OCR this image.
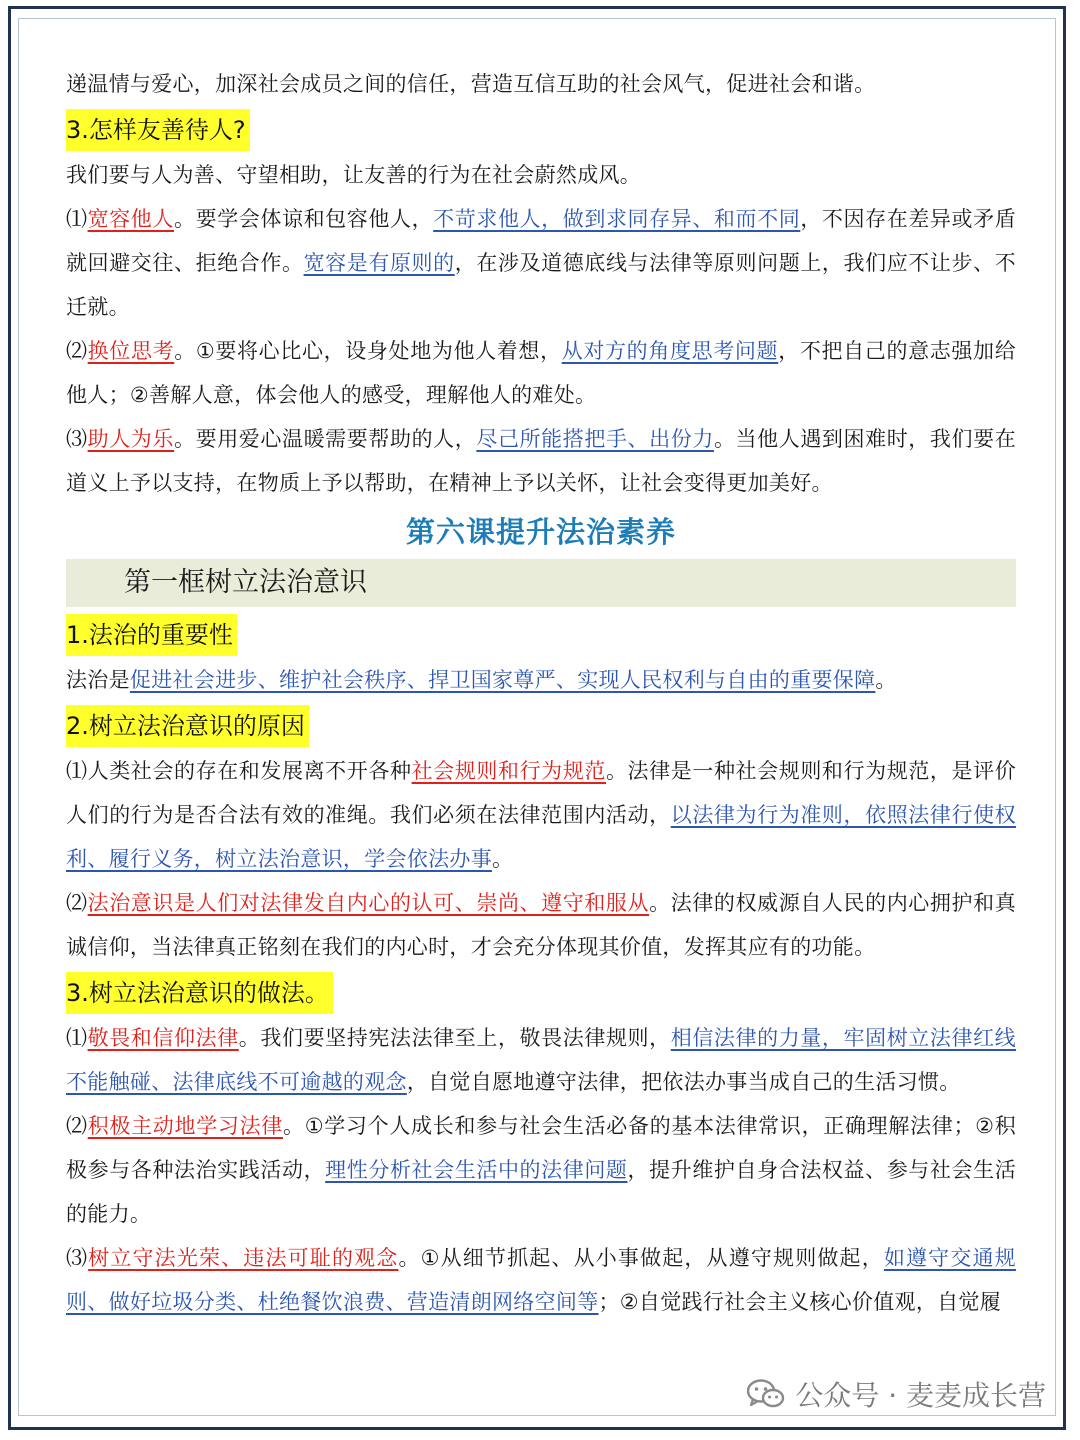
递温情与爱心，加深社会成员之间的信任，营造互信互助的社会风气，促进社会和谐。

3.怎样友善待人?

我们要与人为善、守望相助，让友善的行为在社会蔚然成风。

⑴宽容他人。要学会体谅和包容他人，不苛求他人，做到求同存异、和而不同，不因存在差异或矛盾就回避交往、拒绝合作。宽容是有原则的，在涉及道德底线与法律等原则问题上，我们应不让步、不迁就。

⑵换位思考。①要将心比心，设身处地为他人着想，从对方的角度思考问题，不把自己的意志强加给他人；②善解人意，体会他人的感受，理解他人的难处。

⑶助人为乐。要用爱心温暖需要帮助的人，尽己所能搭把手、出份力。当他人遇到困难时，我们要在道义上予以支持，在物质上予以帮助，在精神上予以关怀，让社会变得更加美好。

第六课提升法治素养
第一框树立法治意识
1.法治的重要性

法治是促进社会进步、维护社会秩序、捍卫国家尊严、实现人民权利与自由的重要保障。

2.树立法治意识的原因

⑴人类社会的存在和发展离不开各种社会规则和行为规范。法律是一种社会规则和行为规范，是评价人们的行为是否合法有效的准绳。我们必须在法律范围内活动，以法律为行为准则，依照法律行使权利、履行义务，树立法治意识，学会依法办事。

⑵法治意识是人们对法律发自内心的认可、崇尚、遵守和服从。法律的权威源自人民的内心拥护和真诚信仰，当法律真正铭刻在我们的内心时，才会充分体现其价值，发挥其应有的功能。

3.树立法治意识的做法。

⑴敬畏和信仰法律。我们要坚持宪法法律至上，敬畏法律规则，相信法律的力量，牢固树立法律红线不能触碰、法律底线不可逾越的观念，自觉自愿地遵守法律，把依法办事当成自己的生活习惯。

⑵积极主动地学习法律。①学习个人成长和参与社会生活必备的基本法律常识，正确理解法律；②积极参与各种法治实践活动，理性分析社会生活中的法律问题，提升维护自身合法权益、参与社会生活的能力。

⑶树立守法光荣、违法可耻的观念。①从细节抓起、从小事做起，从遵守规则做起，如遵守交通规则、做好垃圾分类、杜绝餐饮浪费、营造清朗网络空间等；②自觉践行社会主义核心价值观，自觉履

公众号 · 麦麦成长营
